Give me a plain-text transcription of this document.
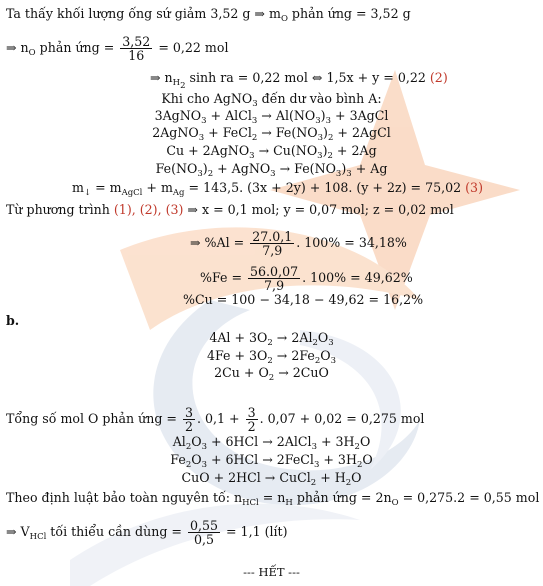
Ta thấy khối lượng ống sứ giảm 3,52 g ⇒ $m_O$ phản ứng = 3,52 g
⇒ $n_O$ phản ứng = $\frac{3,52}{16} = 0,22$ mol
⇒ $n_{H_2}$ sinh ra = 0,22 mol ⇔ 1,5x + y = 0,22 (2)
Khi cho AgNO$_3$ đến dư vào bình A:
3AgNO$_3$ + AlCl$_3$ → $Al(NO_3)_3$ + 3AgCl
2AgNO$_3$ + FeCl$_2$ → $Fe(NO_3)_2$ + 2AgCl
Cu + 2AgNO$_3$ → $Cu(NO_3)_2 + 2Ag$
$Fe(NO_3)_2$ + AgNO$_3$ → $Fe(NO_3)_3 + Ag$
$m_↓ = m_{AgCl} + m_{Ag} = 143,5$. (3x + 2y) + 108. (y + 2z) = 75,02 (3)
Từ phương trình (1), (2), (3) ⇒ x = 0,1 mol; y = 0,07 mol; z = 0,02 mol
⇒ $\%Al = \frac{27.0,1}{7,9}$ . 100% = 34,18%
$\%Fe = \frac{56.0,07}{7,9}$ . 100% = 49,62%
%Cu = 100 − 34,18 − 49,62 = 16,2%
b.
$4Al + 3O_2 \to 2Al_2O_3$
$4Fe + 3O_2 \to 2Fe_2O_3$
$2Cu + O_2 \to 2CuO$
Tổng số mol O phản ứng = $\frac{3}{2}$ . $0,1 + \frac{3}{2}$ . 0,07 + 0,02 = 0,275 mol
$Al_2O_3 + 6HCl$ → 2AlCl$_3$ + $3H_2O$
$Fe_2O_3 + 6HCl$ → 2FeCl$_3$ + $3H_2O$
CuO + 2HCl → CuCl$_2$ + $H_2O$
Theo định luật bảo toàn nguyên tố: $n_{HCl} = n_H$ phản ứng = $2n_O = 0,275.2 = 0,55$ mol
⇒ $V_{HCl}$ tối thiểu cần dùng = $\frac{0,55}{0,5} = 1,1$ (lít)
--- HẾT ---
